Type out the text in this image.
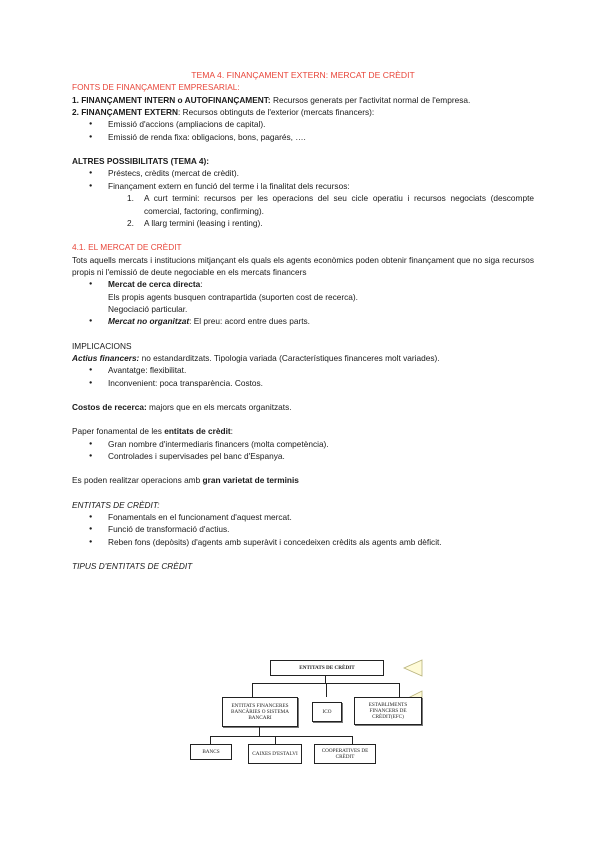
TEMA 4. FINANÇAMENT EXTERN: MERCAT DE CRÈDIT

FONTS DE FINANÇAMENT EMPRESARIAL:

1. FINANÇAMENT INTERN o AUTOFINANÇAMENT: Recursos generats per l'activitat normal de l'empresa.

2. FINANÇAMENT EXTERN: Recursos obtinguts de l'exterior (mercats financers):

● Emissió d'accions (ampliacions de capital).
● Emissió de renda fixa: obligacions, bons, pagarés, ….

ALTRES POSSIBILITATS (TEMA 4):

● Préstecs, crèdits (mercat de crèdit).
● Finançament extern en funció del terme i la finalitat dels recursos:
1. A curt termini: recursos per les operacions del seu cicle operatiu i recursos negociats (descompte comercial, factoring, confirming).
2. A llarg termini (leasing i renting).

4.1. EL MERCAT DE CRÈDIT

Tots aquells mercats i institucions mitjançant els quals els agents econòmics poden obtenir finançament que no siga recursos propis ni l'emissió de deute negociable en els mercats financers

● Mercat de cerca directa:

Els propis agents busquen contrapartida (suporten cost de recerca).

Negociació particular.

● Mercat no organitzat: El preu: acord entre dues parts.

IMPLICACIONS

Actius financers: no estandarditzats. Tipologia variada (Característiques financeres molt variades).

● Avantatge: flexibilitat.
● Inconvenient: poca transparència. Costos.

Costos de recerca: majors que en els mercats organitzats.

Paper fonamental de les entitats de crèdit:

● Gran nombre d'intermediaris financers (molta competència).
● Controlades i supervisades pel banc d'Espanya.

Es poden realitzar operacions amb gran varietat de terminis

ENTITATS DE CRÈDIT:

● Fonamentals en el funcionament d'aquest mercat.
● Funció de transformació d'actius.
● Reben fons (depòsits) d'agents amb superàvit i concedeixen crèdits als agents amb dèficit.

TIPUS D'ENTITATS DE CRÈDIT

ENTITATS DE CRÈDIT
ENTITATS FINANCERES BANCÀRIES O SISTEMA BANCARI
ICO
ESTABLIMENTS FINANCERS DE CRÈDIT(EFC)
BANCS	CAIXES D'ESTALVI	COOPERATIVES DE CRÈDIT
